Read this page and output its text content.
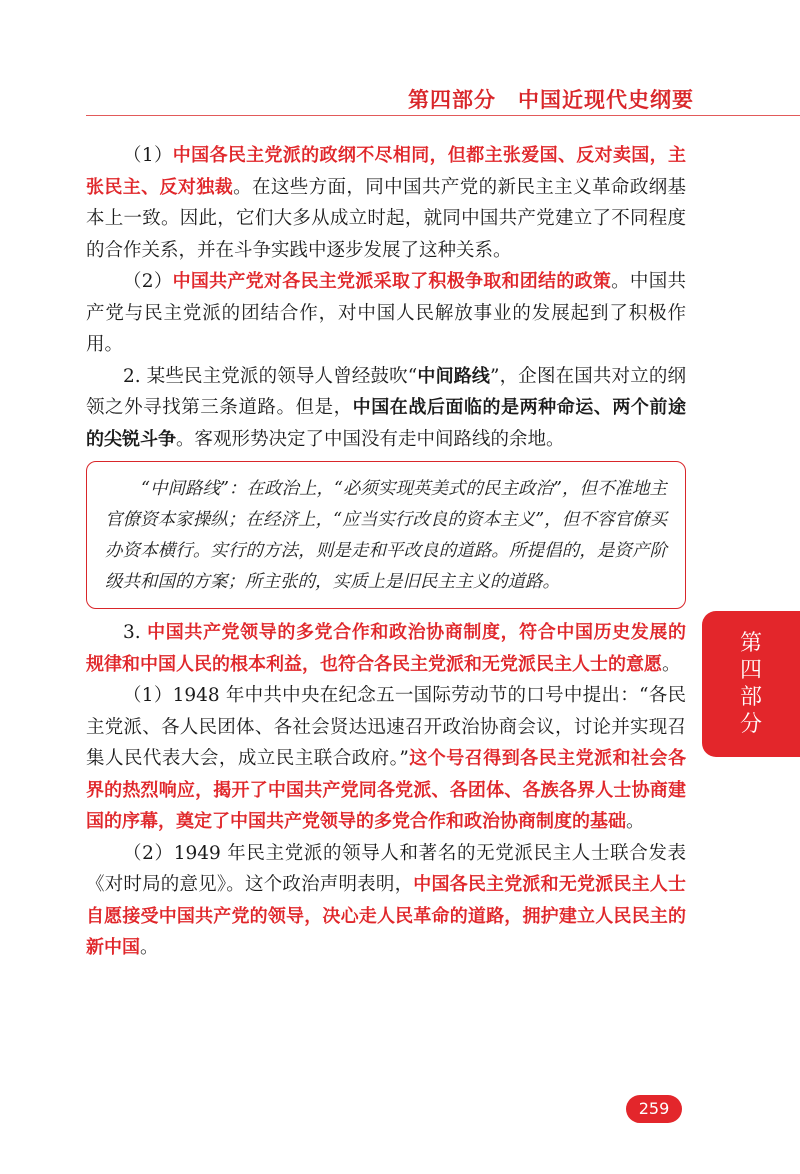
第四部分 中国近现代史纲要

（1）中国各民主党派的政纲不尽相同，但都主张爱国、反对卖国，主张民主、反对独裁。在这些方面，同中国共产党的新民主主义革命政纲基本上一致。因此，它们大多从成立时起，就同中国共产党建立了不同程度的合作关系，并在斗争实践中逐步发展了这种关系。

（2）中国共产党对各民主党派采取了积极争取和团结的政策。中国共产党与民主党派的团结合作，对中国人民解放事业的发展起到了积极作用。

2. 某些民主党派的领导人曾经鼓吹“中间路线”，企图在国共对立的纲领之外寻找第三条道路。但是，中国在战后面临的是两种命运、两个前途的尖锐斗争。客观形势决定了中国没有走中间路线的余地。

“中间路线”：在政治上，“必须实现英美式的民主政治”，但不准地主官僚资本家操纵；在经济上，“应当实行改良的资本主义”，但不容官僚买办资本横行。实行的方法，则是走和平改良的道路。所提倡的，是资产阶级共和国的方案；所主张的，实质上是旧民主主义的道路。

3. 中国共产党领导的多党合作和政治协商制度，符合中国历史发展的规律和中国人民的根本利益，也符合各民主党派和无党派民主人士的意愿。

（1）1948 年中共中央在纪念五一国际劳动节的口号中提出：“各民主党派、各人民团体、各社会贤达迅速召开政治协商会议，讨论并实现召集人民代表大会，成立民主联合政府。”这个号召得到各民主党派和社会各界的热烈响应，揭开了中国共产党同各党派、各团体、各族各界人士协商建国的序幕，奠定了中国共产党领导的多党合作和政治协商制度的基础。

（2）1949 年民主党派的领导人和著名的无党派民主人士联合发表《对时局的意见》。这个政治声明表明，中国各民主党派和无党派民主人士自愿接受中国共产党的领导，决心走人民革命的道路，拥护建立人民民主的新中国。

第四部分
259
